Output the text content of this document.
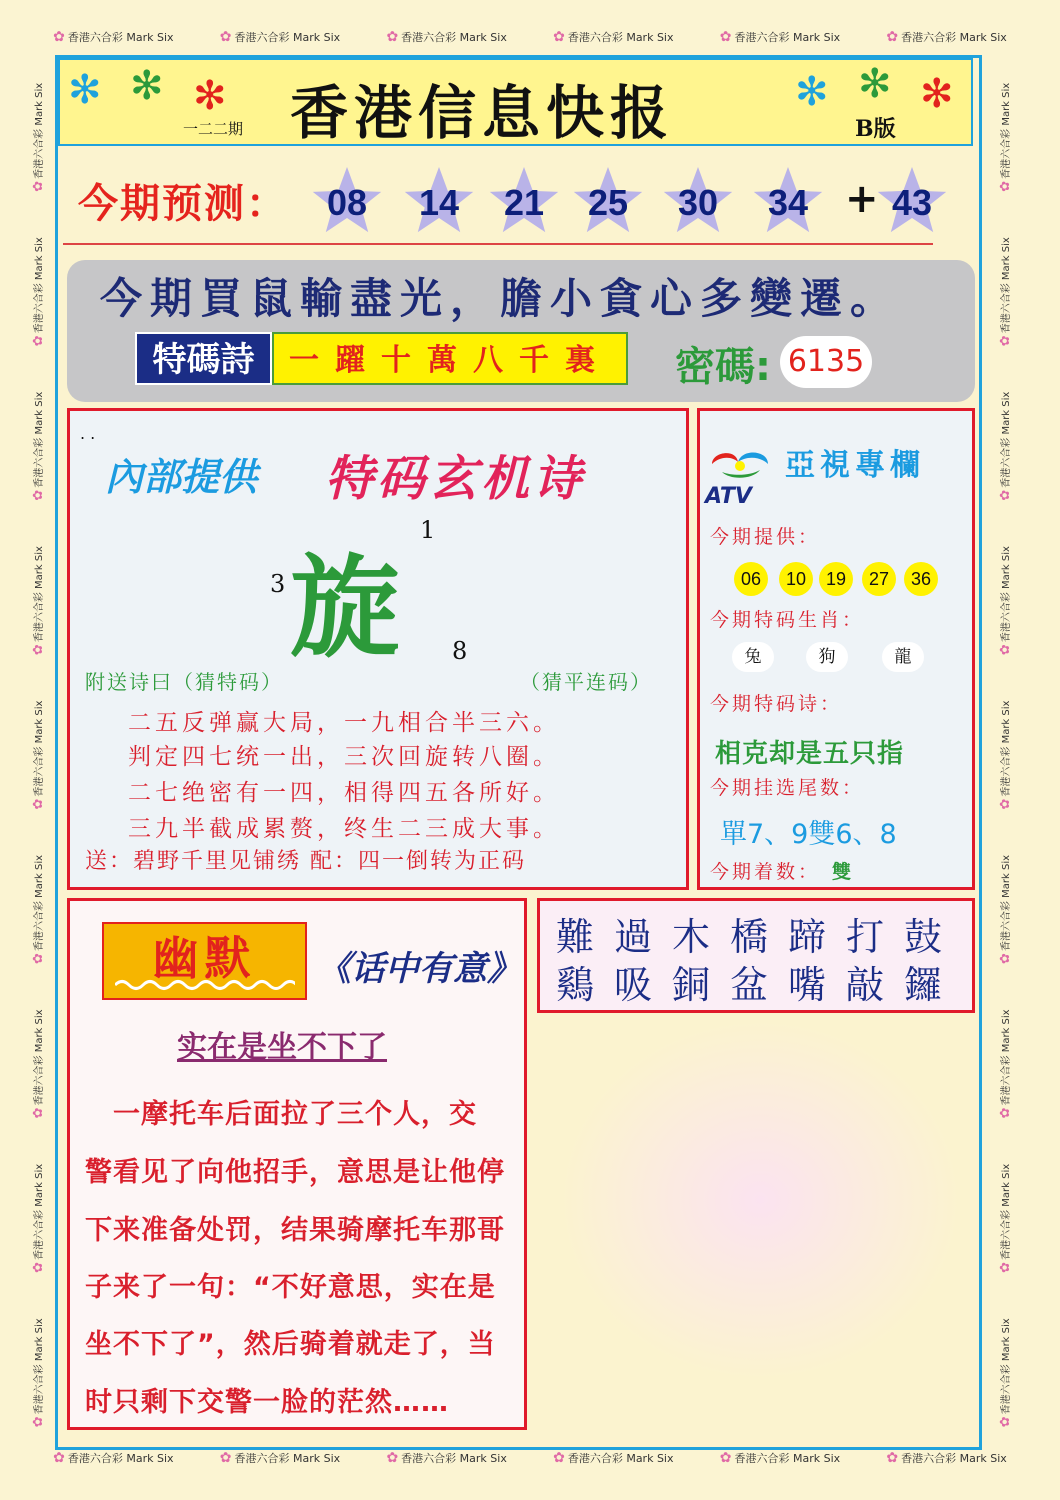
✿ 香港六合彩 Mark Six	✿ 香港六合彩 Mark Six	✿ 香港六合彩 Mark Six	✿ 香港六合彩 Mark Six	✿ 香港六合彩 Mark Six	✿ 香港六合彩 Mark Six
✿ 香港六合彩 Mark Six	✿ 香港六合彩 Mark Six	✿ 香港六合彩 Mark Six	✿ 香港六合彩 Mark Six	✿ 香港六合彩 Mark Six	✿ 香港六合彩 Mark Six
✿香港六合彩 Mark Six
✿香港六合彩 Mark Six
✿香港六合彩 Mark Six
✿香港六合彩 Mark Six
✿香港六合彩 Mark Six
✿香港六合彩 Mark Six
✿香港六合彩 Mark Six
✿香港六合彩 Mark Six
✿香港六合彩 Mark Six
✿香港六合彩 Mark Six
✿香港六合彩 Mark Six
✿香港六合彩 Mark Six
✿香港六合彩 Mark Six
✿香港六合彩 Mark Six
✿香港六合彩 Mark Six
✿香港六合彩 Mark Six
✿香港六合彩 Mark Six
✿香港六合彩 Mark Six
✻ ✻ ✻	✻ ✻ ✻
香港信息快报
一二二期	B版
今期预测：	08	14	21	25	30	34	43
+
今期買鼠輸盡光，膽小貪心多變遷。
特碼詩	一躍十萬八千裏	密碼: 6135
. .
內部提供 特码玄机诗
旋
1
3
8
附送诗曰（猜特码）	（猜平连码）
二五反弹赢大局，一九相合半三六。
判定四七统一出，三次回旋转八圈。
二七绝密有一四，相得四五各所好。
三九半截成累赘，终生二三成大事。
送：碧野千里见铺绣 配：四一倒转为正码
ATV
亞視專欄
今期提供：
06	10	19	27	36
今期特码生肖：
兔	狗	龍
今期特码诗：
相克却是五只指
今期挂选尾数：
單7、9雙6、8
今期着数： 雙
幽默	《话中有意》
实在是坐不下了
　一摩托车后面拉了三个人，交
警看见了向他招手，意思是让他停
下来准备处罚，结果骑摩托车那哥
子来了一句：“不好意思，实在是
坐不下了”，然后骑着就走了，当
时只剩下交警一脸的茫然……
難過木橋蹄打鼓
鷄吸銅盆嘴敲鑼
